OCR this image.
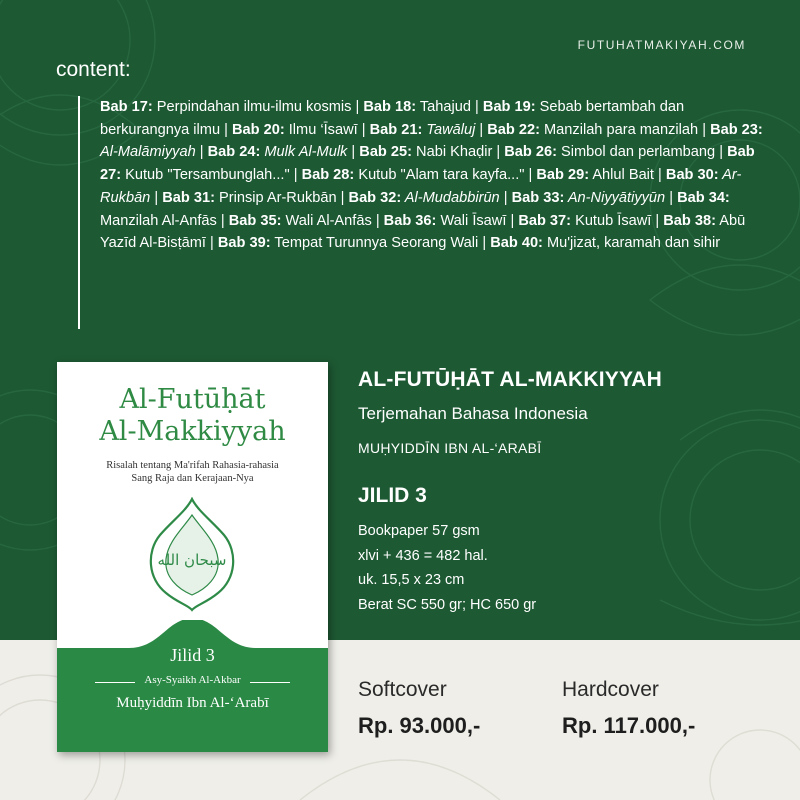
FUTUHATMAKIYAH.COM
content:
Bab 17: Perpindahan ilmu-ilmu kosmis | Bab 18: Tahajud | Bab 19: Sebab bertambah dan berkurangnya ilmu | Bab 20: Ilmu ‘Īsawī | Bab 21: Tawāluj | Bab 22: Manzilah para manzilah | Bab 23: Al-Malāmiyyah | Bab 24: Mulk Al-Mulk | Bab 25: Nabi Khaḍir | Bab 26: Simbol dan perlambang | Bab 27: Kutub "Tersambunglah..." | Bab 28: Kutub "Alam tara kayfa..." | Bab 29: Ahlul Bait | Bab 30: Ar-Rukbān | Bab 31: Prinsip Ar-Rukbān | Bab 32: Al-Mudabbirūn | Bab 33: An-Niyyātiyyūn | Bab 34: Manzilah Al-Anfās | Bab 35: Wali Al-Anfās | Bab 36: Wali Īsawī | Bab 37: Kutub Īsawī | Bab 38: Abū Yazīd Al-Bisṭāmī | Bab 39: Tempat Turunnya Seorang Wali | Bab 40: Mu'jizat, karamah dan sihir
Al-Futūḥāt
Al-Makkiyyah
Risalah tentang Ma'rifah Rahasia-rahasia
Sang Raja dan Kerajaan-Nya
سبحان الله
Jilid 3
Asy-Syaikh Al-Akbar
Muḥyiddīn Ibn Al-‘Arabī
AL-FUTŪḤĀT AL-MAKKIYYAH
Terjemahan Bahasa Indonesia
MUḤYIDDĪN IBN AL-‘ARABĪ
JILID 3
Bookpaper 57 gsm
xlvi + 436 = 482 hal.
uk. 15,5 x 23 cm
Berat SC 550 gr; HC 650 gr
Softcover
Rp. 93.000,-
Hardcover
Rp. 117.000,-
